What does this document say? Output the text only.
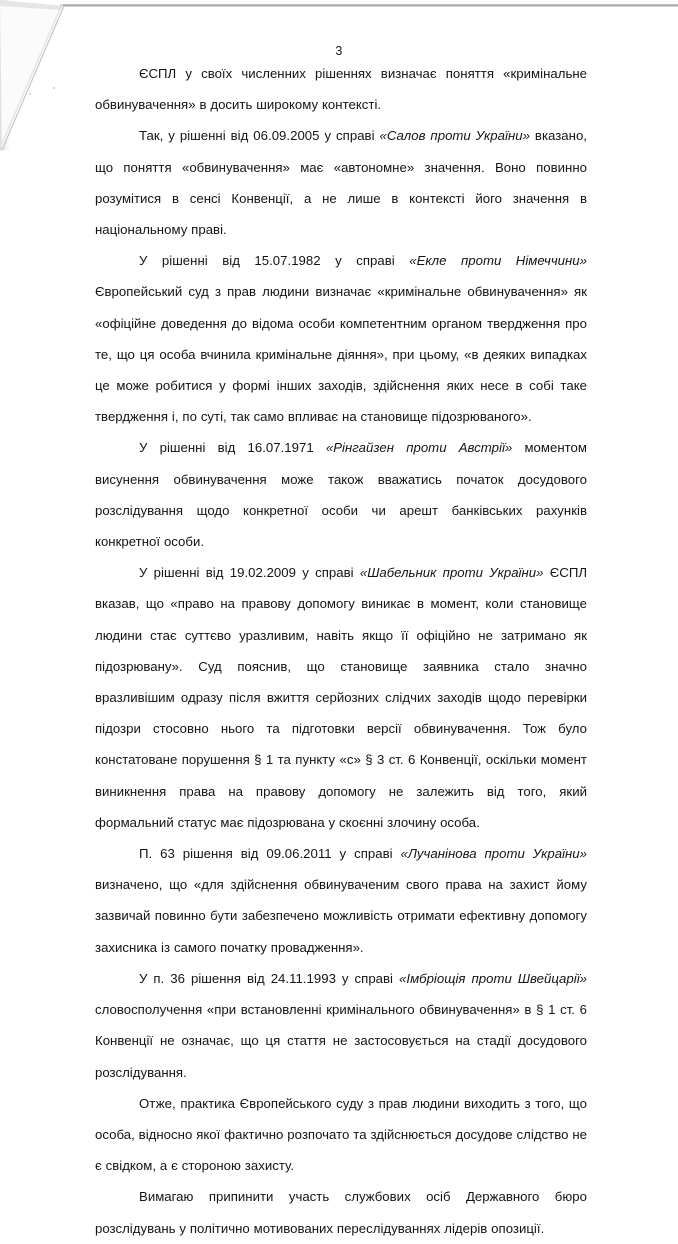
3

ЄСПЛ у своїх численних рішеннях визначає поняття «кримінальне обвинувачення» в досить широкому контексті.

Так, у рішенні від 06.09.2005 у справі «Салов проти України» вказано, що поняття «обвинувачення» має «автономне» значення. Воно повинно розумітися в сенсі Конвенції, а не лише в контексті його значення в національному праві.

У рішенні від 15.07.1982 у справі «Екле проти Німеччини» Європейський суд з прав людини визначає «кримінальне обвинувачення» як «офіційне доведення до відома особи компетентним органом твердження про те, що ця особа вчинила кримінальне діяння», при цьому, «в деяких випадках це може робитися у формі інших заходів, здійснення яких несе в собі таке твердження і, по суті, так само впливає на становище підозрюваного».

У рішенні від 16.07.1971 «Рінгайзен проти Австрії» моментом висунення обвинувачення може також вважатись початок досудового розслідування щодо конкретної особи чи арешт банківських рахунків конкретної особи.

У рішенні від 19.02.2009 у справі «Шабельник проти України» ЄСПЛ вказав, що «право на правову допомогу виникає в момент, коли становище людини стає суттєво уразливим, навіть якщо її офіційно не затримано як підозрювану». Суд пояснив, що становище заявника стало значно вразливішим одразу після вжиття серйозних слідчих заходів щодо перевірки підозри стосовно нього та підготовки версії обвинувачення. Тож було констатоване порушення § 1 та пункту «с» § 3 ст. 6 Конвенції, оскільки момент виникнення права на правову допомогу не залежить від того, який формальний статус має підозрювана у скоєнні злочину особа.

П. 63 рішення від 09.06.2011 у справі «Лучанінова проти України» визначено, що «для здійснення обвинуваченим свого права на захист йому зазвичай повинно бути забезпечено можливість отримати ефективну допомогу захисника із самого початку провадження».

У п. 36 рішення від 24.11.1993 у справі «Імбріощія проти Швейцарії» словосполучення «при встановленні кримінального обвинувачення» в § 1 ст. 6 Конвенції не означає, що ця стаття не застосовується на стадії досудового розслідування.

Отже, практика Європейського суду з прав людини виходить з того, що особа, відносно якої фактично розпочато та здійснюється досудове слідство не є свідком, а є стороною захисту.

Вимагаю припинити участь службових осіб Державного бюро розслідувань у політично мотивованих переслідуваннях лідерів опозиції.
